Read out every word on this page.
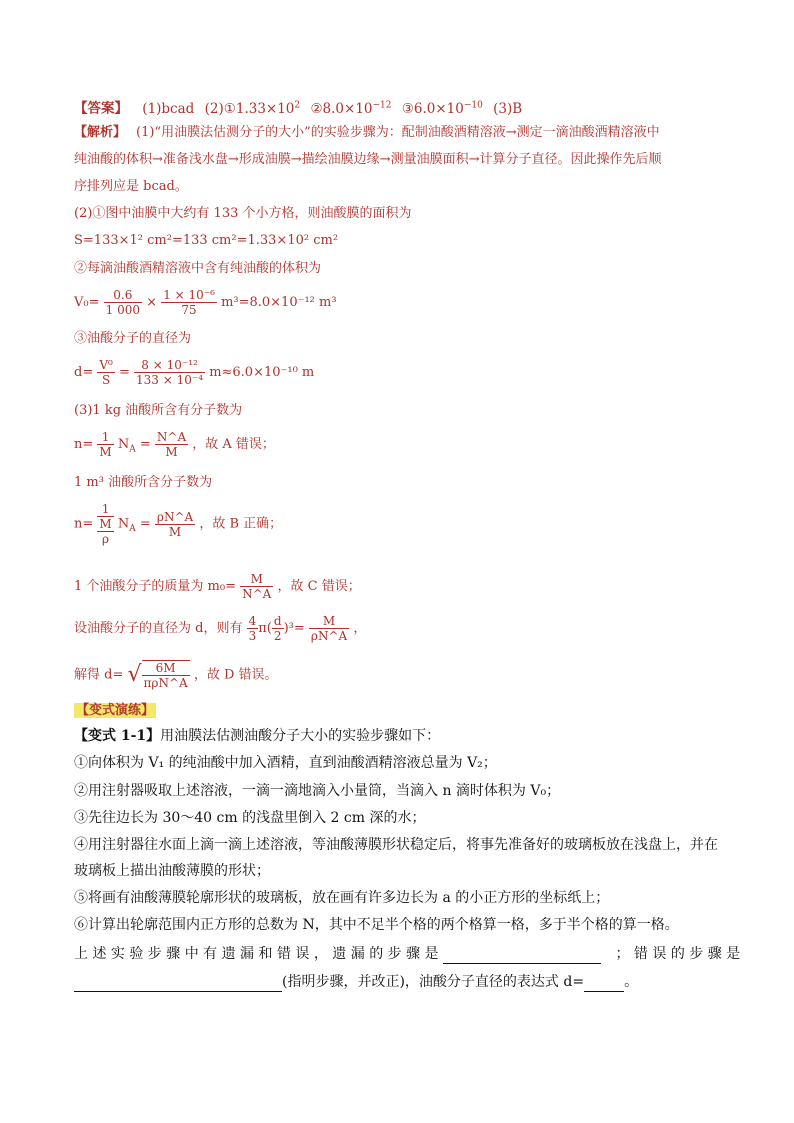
【答案】 (1)bcad $(2)①1.33\times 10^2$ $②8.0\times 10^{-12}$ $③6.0\times 10^{-10}$ (3)B
【解析】 (1)“用油膜法估测分子的大小”的实验步骤为：配制油酸酒精溶液→测定一滴油酸酒精溶液中
纯油酸的体积→准备浅水盘→形成油膜→描绘油膜边缘→测量油膜面积→计算分子直径。因此操作先后顺
序排列应是 bcad。
(2)①图中油膜中大约有 133 个小方格，则油酸膜的面积为
S=133×1² cm²=133 cm²=1.33×10² cm²
②每滴油酸酒精溶液中含有纯油酸的体积为
$V_0= \frac{0.6}{1 000} \times \frac{\text{1 × 10⁻⁶}}{75} m^3=8.0\times 10^{-12}$ m³
③油酸分子的直径为
$d= \frac{\text{V⁰}}{S} = \frac{\text{8 × 10⁻¹²}}{\text{133 × 10⁻⁴}} m\approx 6.0\times 10^{-10}$ m
(3)1 kg 油酸所含有分子数为
$n= \frac{1}{M} N_A = \frac{N\^{}A}{M}$ ，故 A 错误；
1 m³ 油酸所含分子数为
n=
1
M
ρ
$N_A = \frac{\rho N\^{}A}{M}$ ，故 B 正确；
1 个油酸分子的质量为 $m_0= \frac{M}{N\^{}A}$ ，故 C 错误；
设油酸分子的直径为 d，则有 $\frac{4}{3} \pi( \frac{d}{2} )^3= \frac{M}{\rho N\^{}A}$ ，
解得 d= √ $\frac{6M}{\text{πρN\textasciicircum{}A}}$ ，故 D 错误。
【变式演练】
【变式 1-1】用油膜法估测油酸分子大小的实验步骤如下：
①向体积为 V₁ 的纯油酸中加入酒精，直到油酸酒精溶液总量为 V₂；
②用注射器吸取上述溶液，一滴一滴地滴入小量筒，当滴入 n 滴时体积为 V₀；
③先往边长为 30～40 cm 的浅盘里倒入 2 cm 深的水；
④用注射器往水面上滴一滴上述溶液，等油酸薄膜形状稳定后，将事先准备好的玻璃板放在浅盘上，并在
玻璃板上描出油酸薄膜的形状；
⑤将画有油酸薄膜轮廓形状的玻璃板，放在画有许多边长为 a 的小正方形的坐标纸上；
⑥计算出轮廓范围内正方形的总数为 N，其中不足半个格的两个格算一格，多于半个格的算一格。
上 述 实 验 步 骤 中 有 遗 漏 和 错 误 ， 遗 漏 的 步 骤 是	； 错 误 的 步 骤 是
(指明步骤，并改正)，油酸分子直径的表达式 d=	。
